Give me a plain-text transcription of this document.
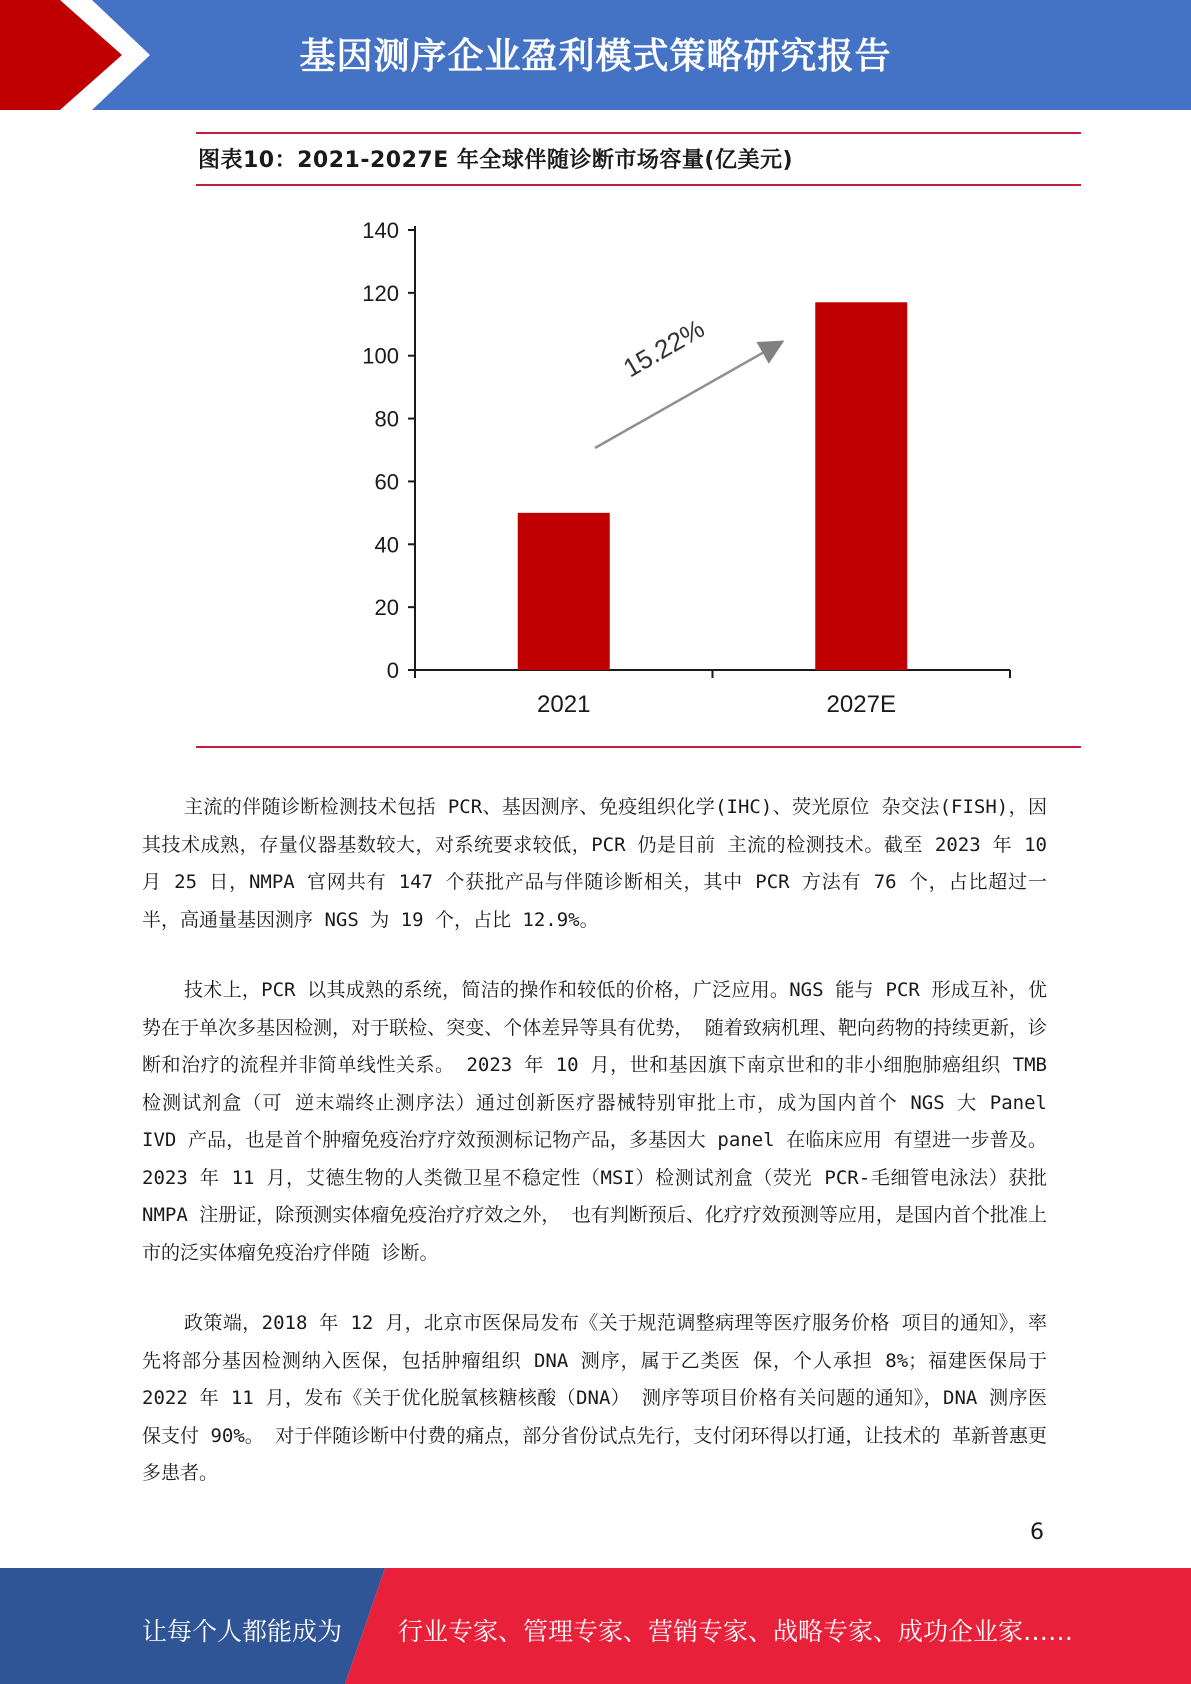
基因测序企业盈利模式策略研究报告
图表10：2021-2027E 年全球伴随诊断市场容量(亿美元)
0
20
40
60
80
100
120
140
2021	2027E
15.22%

主流的伴随诊断检测技术包括 PCR、基因测序、免疫组织化学(IHC)、荧光原位 杂交法(FISH)，因其技术成熟，存量仪器基数较大，对系统要求较低，PCR 仍是目前 主流的检测技术。截至 2023 年 10 月 25 日，NMPA 官网共有 147 个获批产品与伴随诊断相关，其中 PCR 方法有 76 个，占比超过一半，高通量基因测序 NGS 为 19 个，占比 12.9%。

技术上，PCR 以其成熟的系统，简洁的操作和较低的价格，广泛应用。NGS 能与 PCR 形成互补，优势在于单次多基因检测，对于联检、突变、个体差异等具有优势， 随着致病机理、靶向药物的持续更新，诊断和治疗的流程并非简单线性关系。 2023 年 10 月，世和基因旗下南京世和的非小细胞肺癌组织 TMB 检测试剂盒（可 逆末端终止测序法）通过创新医疗器械特别审批上市，成为国内首个 NGS 大 Panel IVD 产品，也是首个肿瘤免疫治疗疗效预测标记物产品，多基因大 panel 在临床应用 有望进一步普及。2023 年 11 月，艾德生物的人类微卫星不稳定性（MSI）检测试剂盒（荧光 PCR-毛细管电泳法）获批 NMPA 注册证，除预测实体瘤免疫治疗疗效之外， 也有判断预后、化疗疗效预测等应用，是国内首个批准上市的泛实体瘤免疫治疗伴随 诊断。

政策端，2018 年 12 月，北京市医保局发布《关于规范调整病理等医疗服务价格 项目的通知》，率先将部分基因检测纳入医保，包括肿瘤组织 DNA 测序，属于乙类医 保，个人承担 8%；福建医保局于 2022 年 11 月，发布《关于优化脱氧核糖核酸（DNA） 测序等项目价格有关问题的通知》，DNA 测序医保支付 90%。 对于伴随诊断中付费的痛点，部分省份试点先行，支付闭环得以打通，让技术的 革新普惠更多患者。

6
让每个人都能成为 行业专家、管理专家、营销专家、战略专家、成功企业家……
